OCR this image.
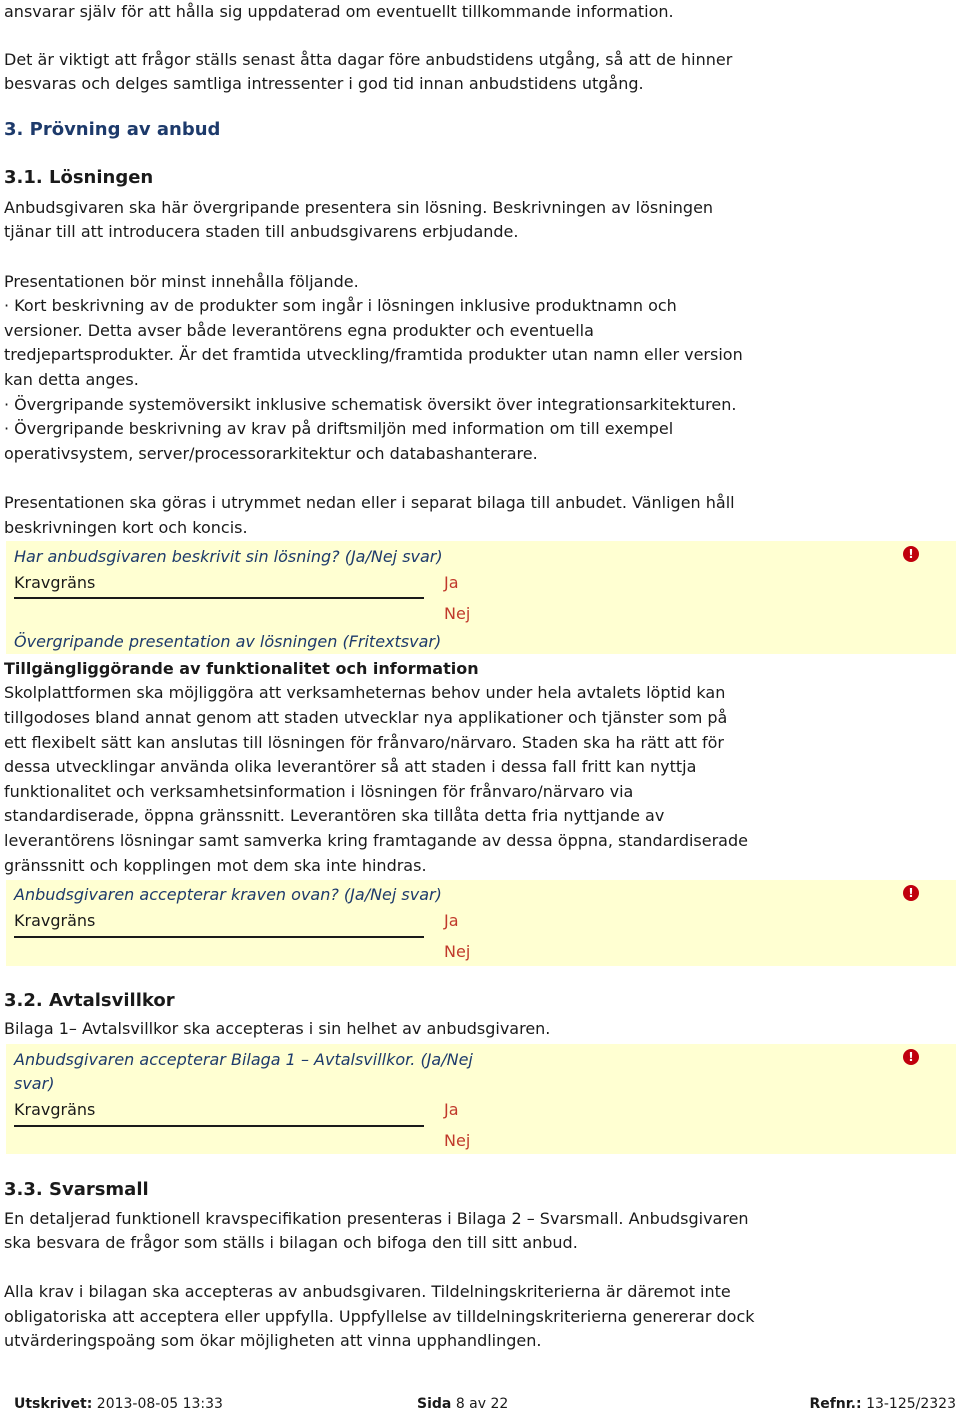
ansvarar själv för att hålla sig uppdaterad om eventuellt tillkommande information.
Det är viktigt att frågor ställs senast åtta dagar före anbudstidens utgång, så att de hinner
besvaras och delges samtliga intressenter i god tid innan anbudstidens utgång.
3. Prövning av anbud
3.1. Lösningen
Anbudsgivaren ska här övergripande presentera sin lösning. Beskrivningen av lösningen
tjänar till att introducera staden till anbudsgivarens erbjudande.
Presentationen bör minst innehålla följande.
· Kort beskrivning av de produkter som ingår i lösningen inklusive produktnamn och
versioner. Detta avser både leverantörens egna produkter och eventuella
tredjepartsprodukter. Är det framtida utveckling/framtida produkter utan namn eller version
kan detta anges.
· Övergripande systemöversikt inklusive schematisk översikt över integrationsarkitekturen.
· Övergripande beskrivning av krav på driftsmiljön med information om till exempel
operativsystem, server/processorarkitektur och databashanterare.
Presentationen ska göras i utrymmet nedan eller i separat bilaga till anbudet. Vänligen håll
beskrivningen kort och koncis.
Har anbudsgivaren beskrivit sin lösning? (Ja/Nej svar)	!
Kravgräns	Ja
Nej
Övergripande presentation av lösningen (Fritextsvar)
Tillgängliggörande av funktionalitet och information
Skolplattformen ska möjliggöra att verksamheternas behov under hela avtalets löptid kan
tillgodoses bland annat genom att staden utvecklar nya applikationer och tjänster som på
ett flexibelt sätt kan anslutas till lösningen för frånvaro/närvaro. Staden ska ha rätt att för
dessa utvecklingar använda olika leverantörer så att staden i dessa fall fritt kan nyttja
funktionalitet och verksamhetsinformation i lösningen för frånvaro/närvaro via
standardiserade, öppna gränssnitt. Leverantören ska tillåta detta fria nyttjande av
leverantörens lösningar samt samverka kring framtagande av dessa öppna, standardiserade
gränssnitt och kopplingen mot dem ska inte hindras.
Anbudsgivaren accepterar kraven ovan? (Ja/Nej svar)	!
Kravgräns	Ja
Nej
3.2. Avtalsvillkor
Bilaga 1– Avtalsvillkor ska accepteras i sin helhet av anbudsgivaren.
Anbudsgivaren accepterar Bilaga 1 – Avtalsvillkor. (Ja/Nej
svar)
!
Kravgräns	Ja
Nej
3.3. Svarsmall
En detaljerad funktionell kravspecifikation presenteras i Bilaga 2 – Svarsmall. Anbudsgivaren
ska besvara de frågor som ställs i bilagan och bifoga den till sitt anbud.
Alla krav i bilagan ska accepteras av anbudsgivaren. Tildelningskriterierna är däremot inte
obligatoriska att acceptera eller uppfylla. Uppfyllelse av tilldelningskriterierna genererar dock
utvärderingspoäng som ökar möjligheten att vinna upphandlingen.
Utskrivet: 2013-08-05 13:33	Sida 8 av 22	Refnr.: 13-125/2323
